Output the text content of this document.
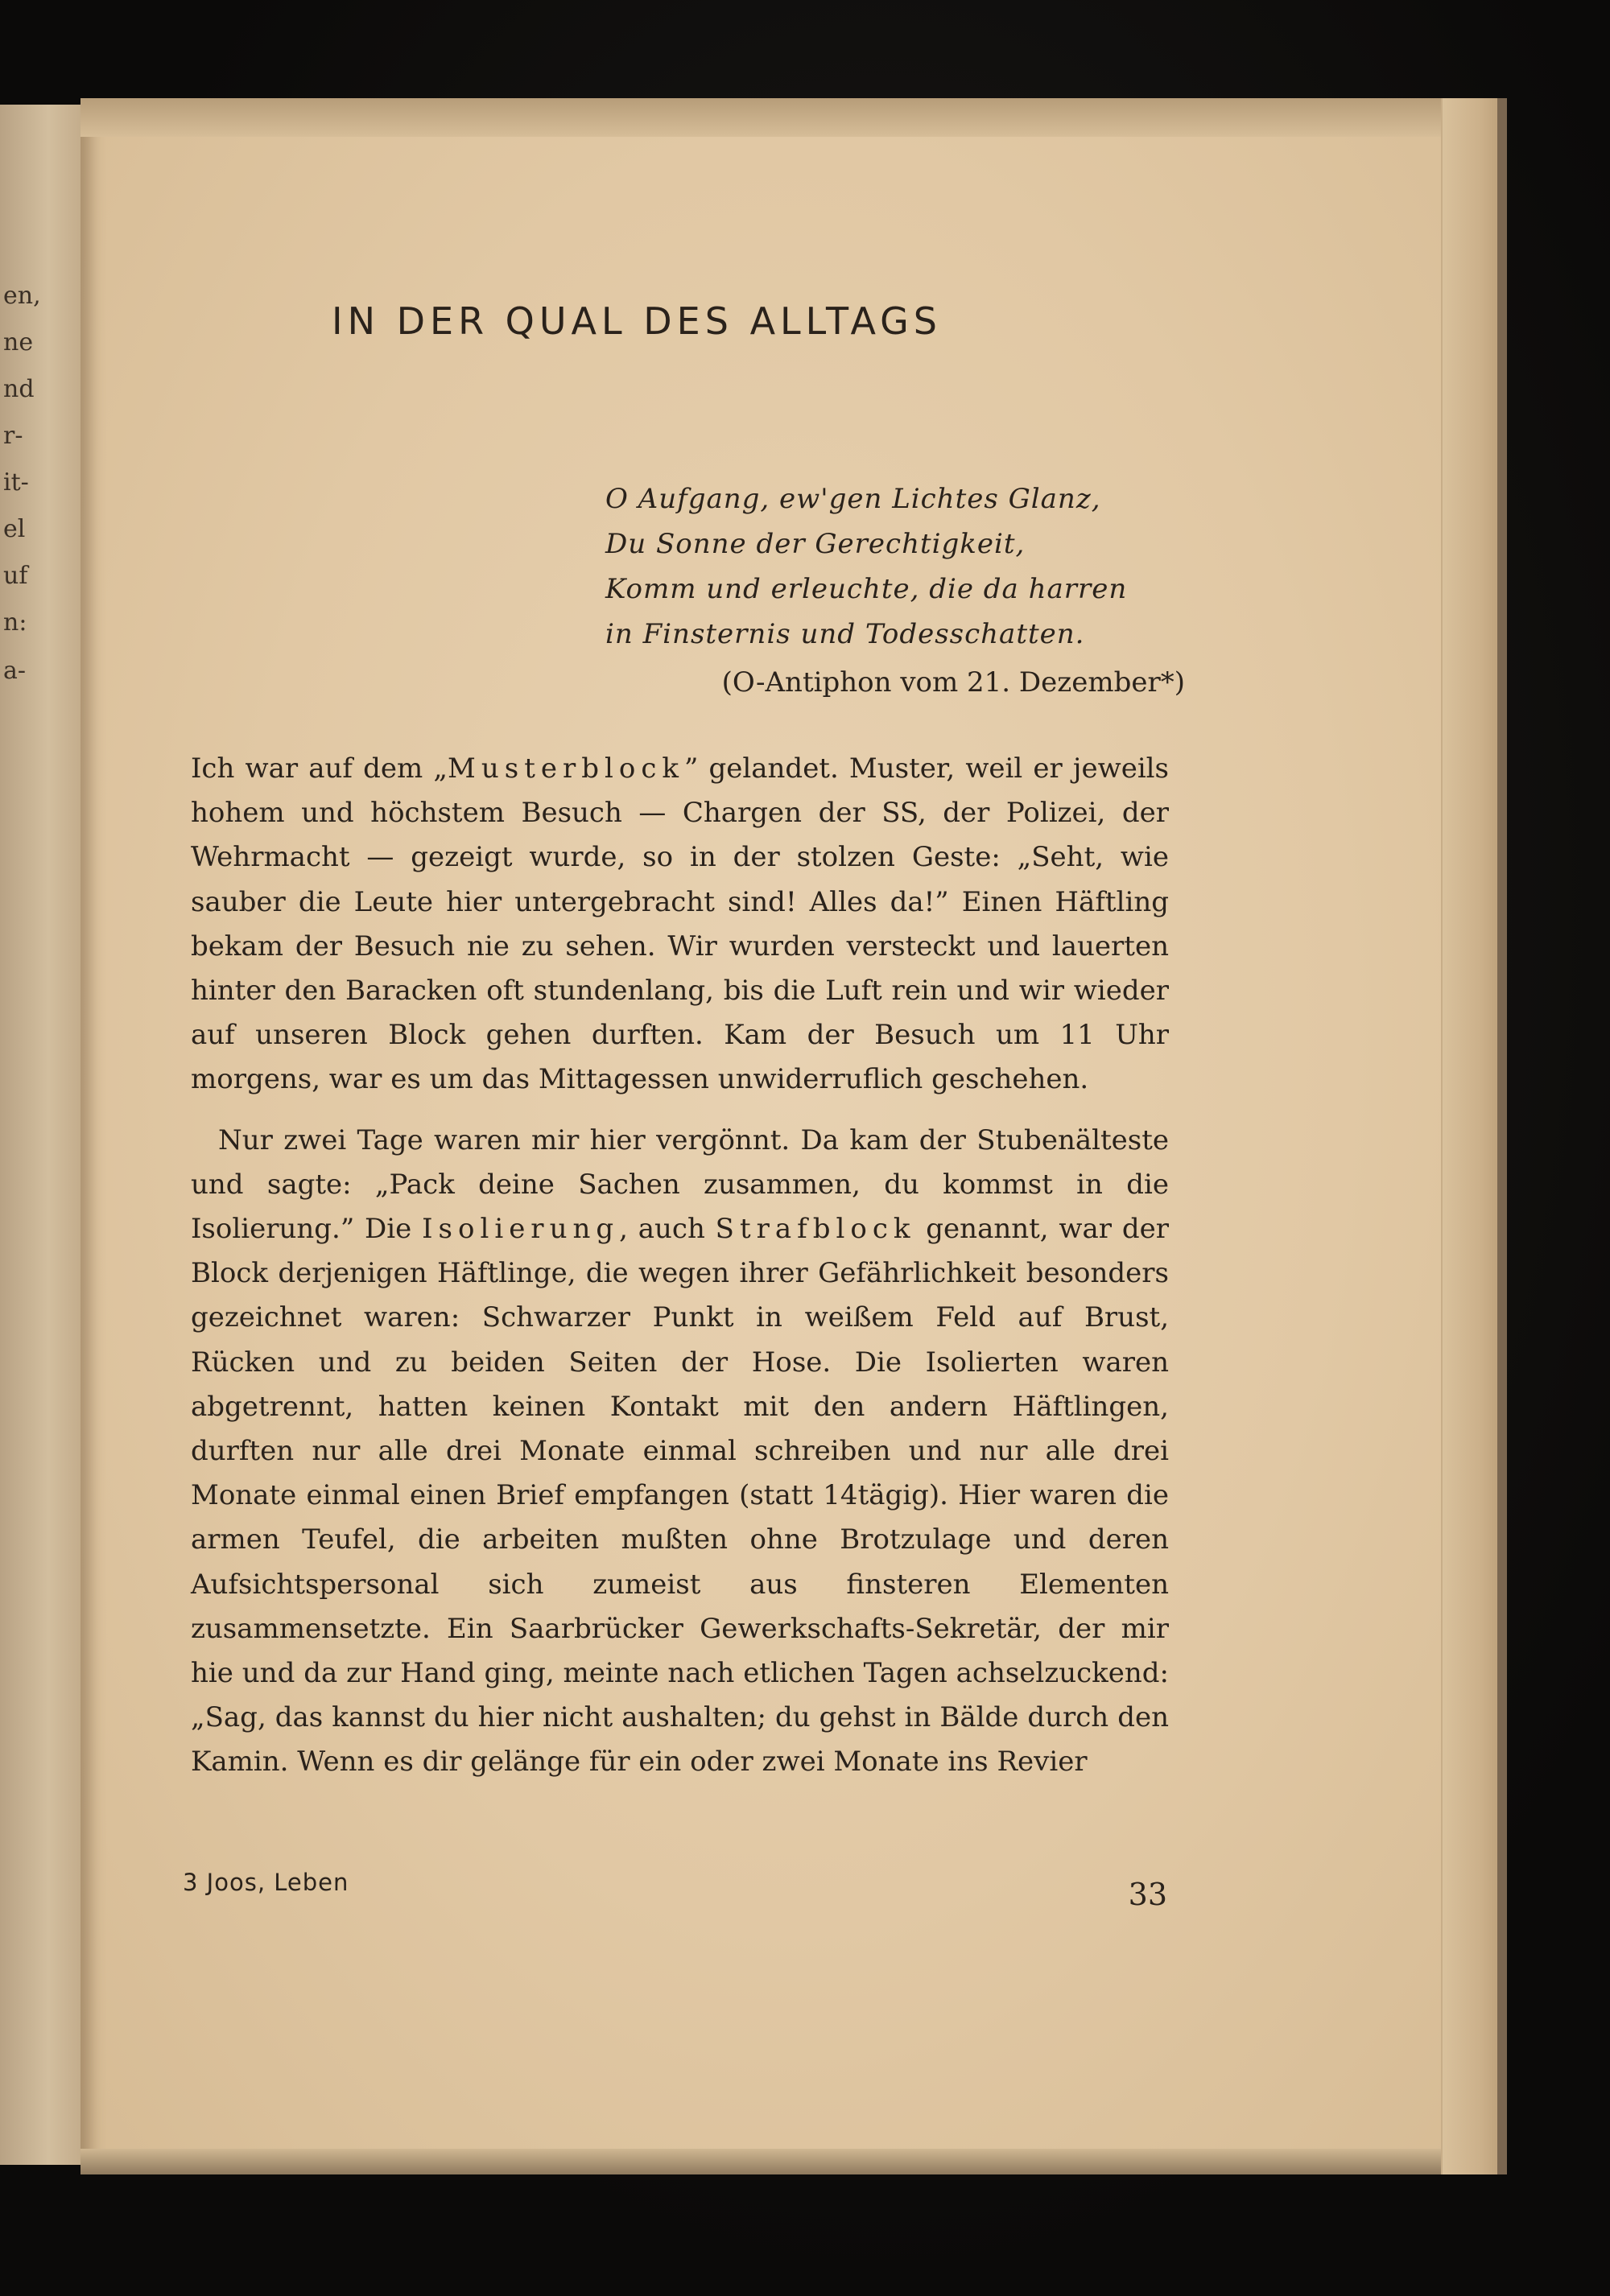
en,
ne
nd
r-
it-
el
uf
n:
a-
IN DER QUAL DES ALLTAGS
O Aufgang, ew'gen Lichtes Glanz,
Du Sonne der Gerechtigkeit,
Komm und erleuchte, die da harren
in Finsternis und Todesschatten.
(O-Antiphon vom 21. Dezember*)

Ich war auf dem „Musterblock” gelandet. Muster, weil er jeweils hohem und höchstem Besuch — Chargen der SS, der Polizei, der Wehrmacht — gezeigt wurde, so in der stolzen Geste: „Seht, wie sauber die Leute hier untergebracht sind! Alles da!” Einen Häftling bekam der Besuch nie zu sehen. Wir wurden versteckt und lauerten hinter den Baracken oft stundenlang, bis die Luft rein und wir wieder auf unseren Block gehen durften. Kam der Besuch um 11 Uhr morgens, war es um das Mittagessen unwiderruflich geschehen.

Nur zwei Tage waren mir hier vergönnt. Da kam der Stubenälteste und sagte: „Pack deine Sachen zusammen, du kommst in die Isolierung.” Die Isolierung, auch Strafblock genannt, war der Block derjenigen Häftlinge, die wegen ihrer Gefährlichkeit besonders gezeichnet waren: Schwarzer Punkt in weißem Feld auf Brust, Rücken und zu beiden Seiten der Hose. Die Isolierten waren abgetrennt, hatten keinen Kontakt mit den andern Häftlingen, durften nur alle drei Monate einmal schreiben und nur alle drei Monate einmal einen Brief empfangen (statt 14tägig). Hier waren die armen Teufel, die arbeiten mußten ohne Brotzulage und deren Aufsichtspersonal sich zumeist aus finsteren Elementen zusammensetzte. Ein Saarbrücker Gewerkschafts-Sekretär, der mir hie und da zur Hand ging, meinte nach etlichen Tagen achselzuckend: „Sag, das kannst du hier nicht aushalten; du gehst in Bälde durch den Kamin. Wenn es dir gelänge für ein oder zwei Monate ins Revier

3 Joos, Leben	33
